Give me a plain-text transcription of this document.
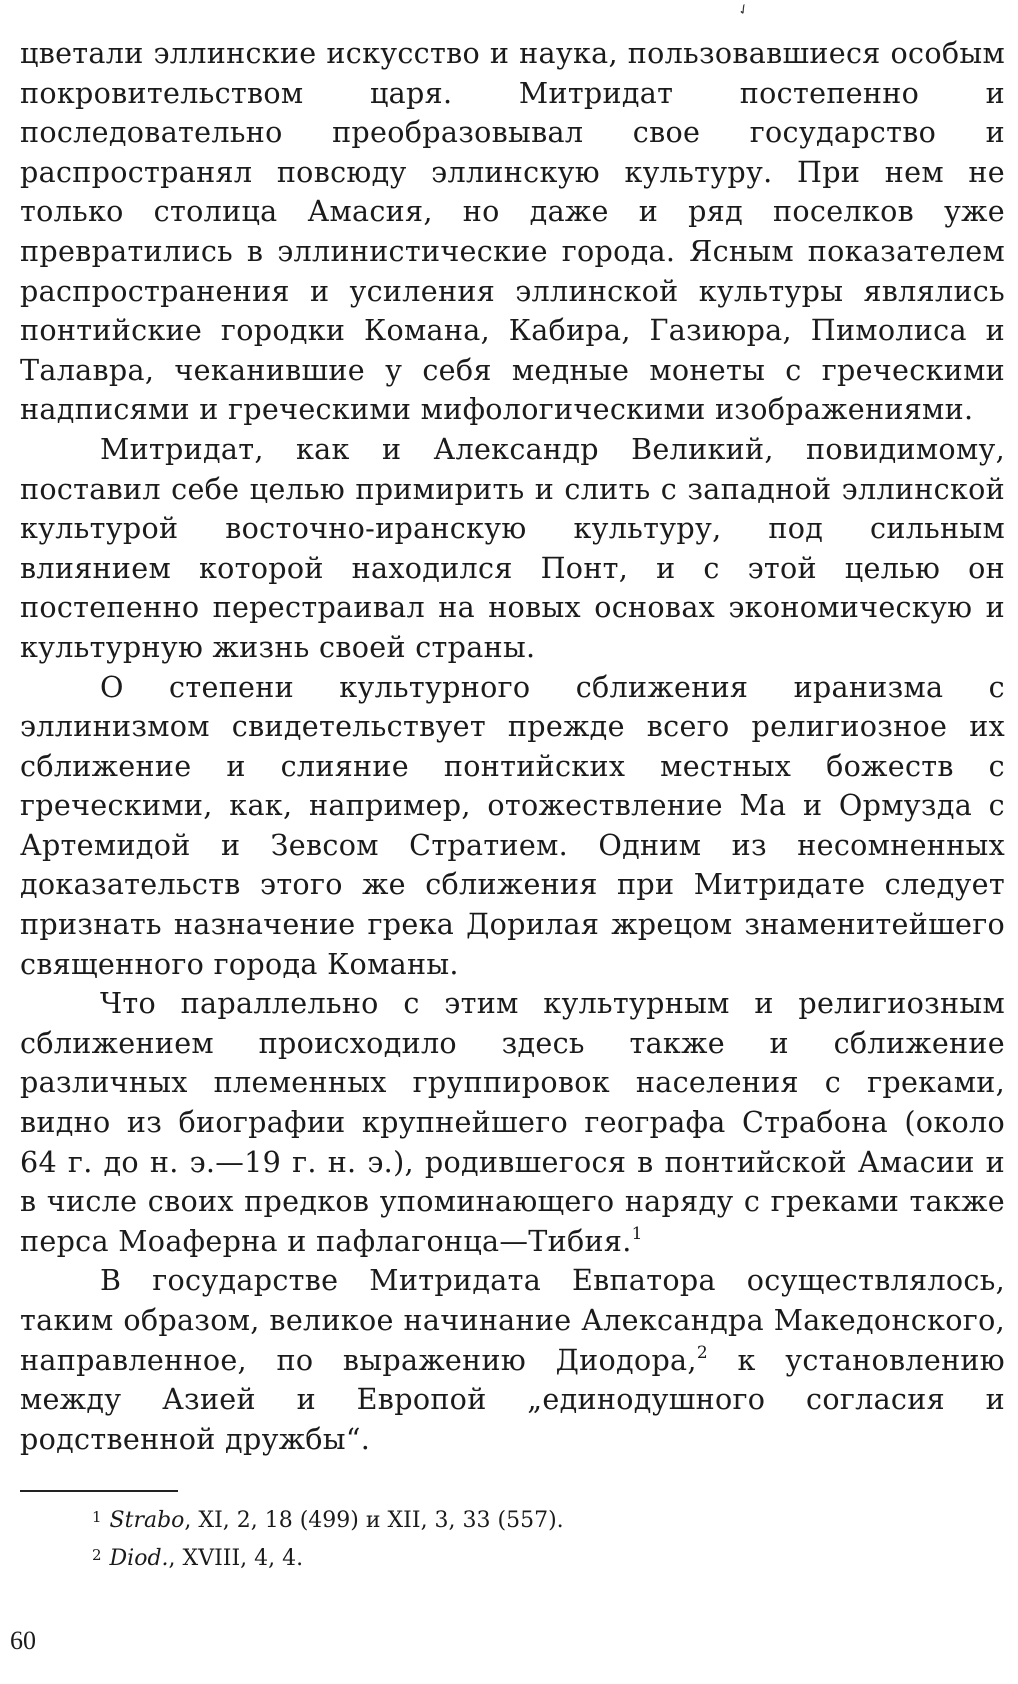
✓

цветали эллинские искусство и наука, пользовавшиеся особым покровительством царя. Митридат постепенно и последовательно преобразовывал свое государство и распространял повсюду эллинскую культуру. При нем не только столица Амасия, но даже и ряд поселков уже превратились в эллинистические города. Ясным показателем распространения и усиления эллинской культуры являлись понтийские городки Комана, Кабира, Газиюра, Пимолиса и Талавра, чеканившие у себя медные монеты с греческими надписями и греческими мифологическими изображениями.

Митридат, как и Александр Великий, повидимому, поставил себе целью примирить и слить с западной эллинской культурой восточно-иранскую культуру, под сильным влиянием которой находился Понт, и с этой целью он постепенно перестраивал на новых основах экономическую и культурную жизнь своей страны.

О степени культурного сближения иранизма с эллинизмом свидетельствует прежде всего религиозное их сближение и слияние понтийских местных божеств с греческими, как, например, отожествление Ма и Ормузда с Артемидой и Зевсом Стратием. Одним из несомненных доказательств этого же сближения при Митридате следует признать назначение грека Дорилая жрецом знаменитейшего священного города Команы.

Что параллельно с этим культурным и религиозным сближением происходило здесь также и сближение различных племенных группировок населения с греками, видно из биографии крупнейшего географа Страбона (около 64 г. до н. э.—19 г. н. э.), родившегося в понтийской Амасии и в числе своих предков упоминающего наряду с греками также перса Моаферна и пафлагонца—Тибия.$^1$

В государстве Митридата Евпатора осуществлялось, таким образом, великое начинание Александра Македонского, направленное, по выражению Диодора,$^2$ к установлению между Азией и Европой „единодушного согласия и родственной дружбы“.

$^1$ Strabo, XI, 2, 18 (499) и XII, 3, 33 (557).
$^2$ Diod., XVIII, 4, 4.
60
